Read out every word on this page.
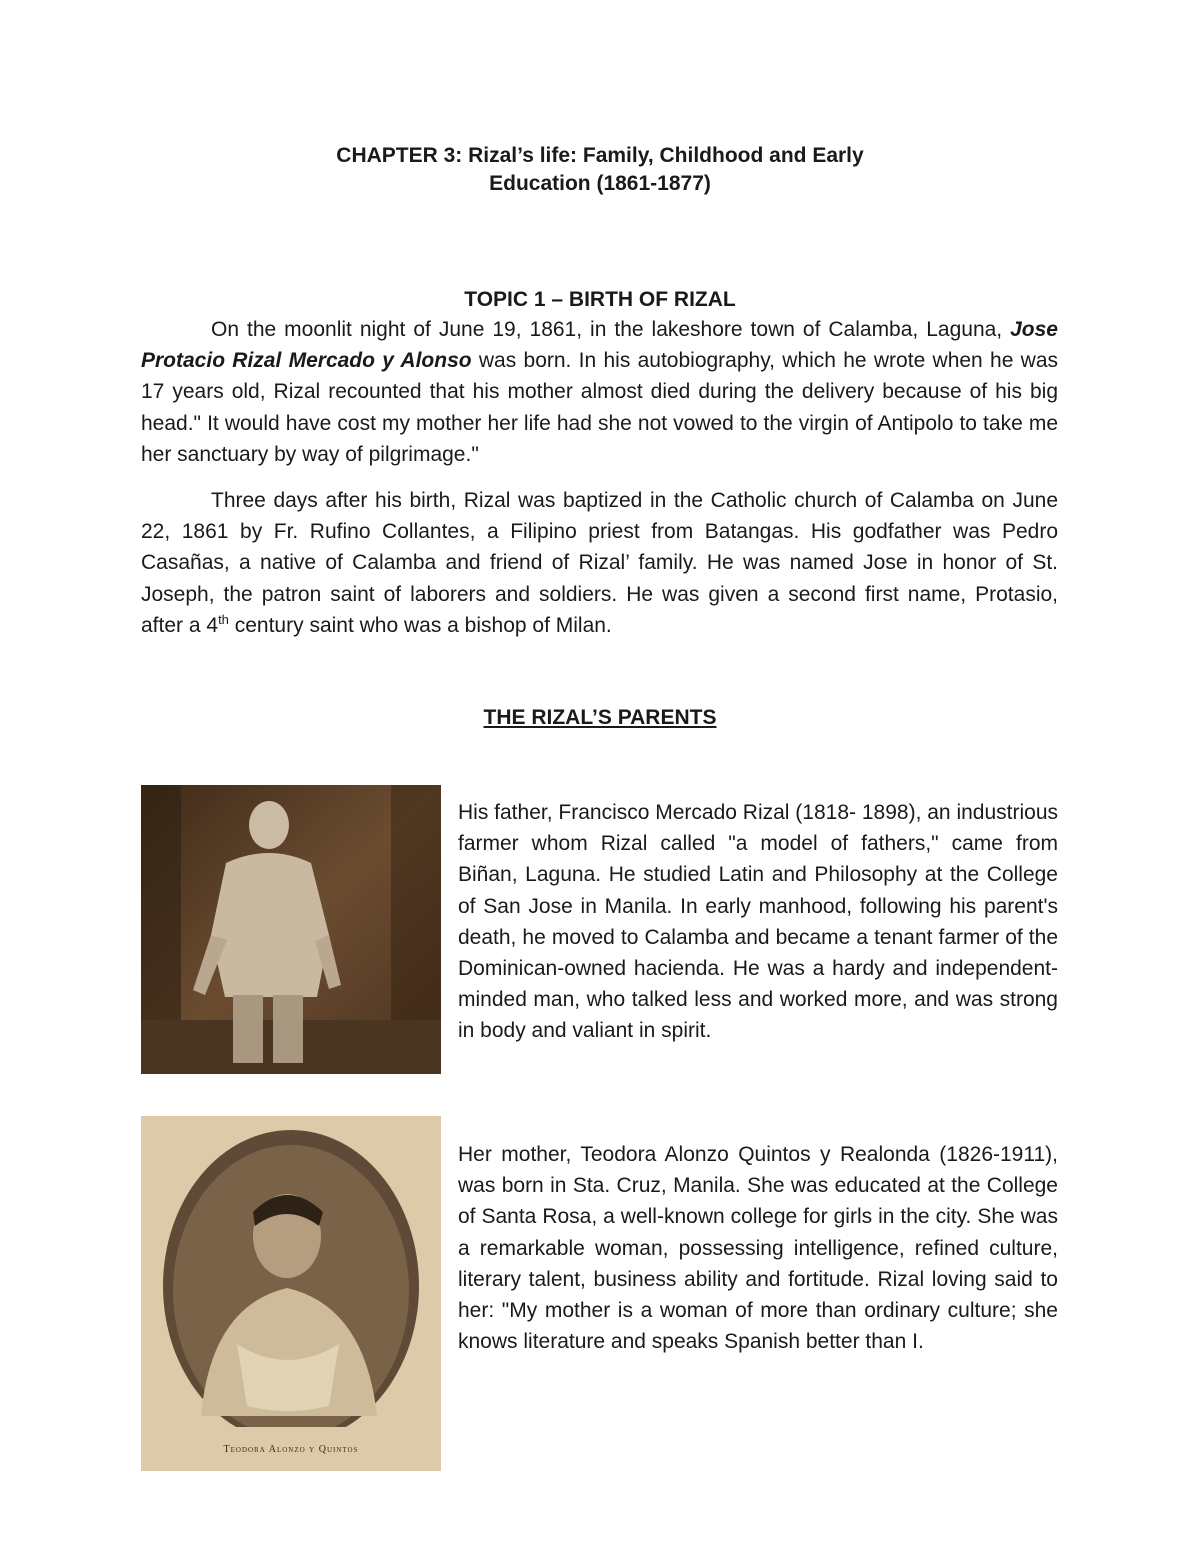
CHAPTER 3: Rizal’s life: Family, Childhood and Early
Education (1861-1877)
TOPIC 1 – BIRTH OF RIZAL

On the moonlit night of June 19, 1861, in the lakeshore town of Calamba, Laguna, Jose Protacio Rizal Mercado y Alonso was born. In his autobiography, which he wrote when he was 17 years old, Rizal recounted that his mother almost died during the delivery because of his big head." It would have cost my mother her life had she not vowed to the virgin of Antipolo to take me her sanctuary by way of pilgrimage."

Three days after his birth, Rizal was baptized in the Catholic church of Calamba on June 22, 1861 by Fr. Rufino Collantes, a Filipino priest from Batangas. His godfather was Pedro Casañas, a native of Calamba and friend of Rizal’ family. He was named Jose in honor of St. Joseph, the patron saint of laborers and soldiers. He was given a second first name, Protasio, after a 4th century saint who was a bishop of Milan.

THE RIZAL’S PARENTS

His father, Francisco Mercado Rizal (1818- 1898), an industrious farmer whom Rizal called "a model of fathers," came from Biñan, Laguna. He studied Latin and Philosophy at the College of San Jose in Manila. In early manhood, following his parent's death, he moved to Calamba and became a tenant farmer of the Dominican-owned hacienda. He was a hardy and independent-minded man, who talked less and worked more, and was strong in body and valiant in spirit.

Teodora Alonzo y Quintos

Her mother, Teodora Alonzo Quintos y Realonda (1826-1911), was born in Sta. Cruz, Manila. She was educated at the College of Santa Rosa, a well-known college for girls in the city. She was a remarkable woman, possessing intelligence, refined culture, literary talent, business ability and fortitude. Rizal loving said to her: "My mother is a woman of more than ordinary culture; she knows literature and speaks Spanish better than I.
